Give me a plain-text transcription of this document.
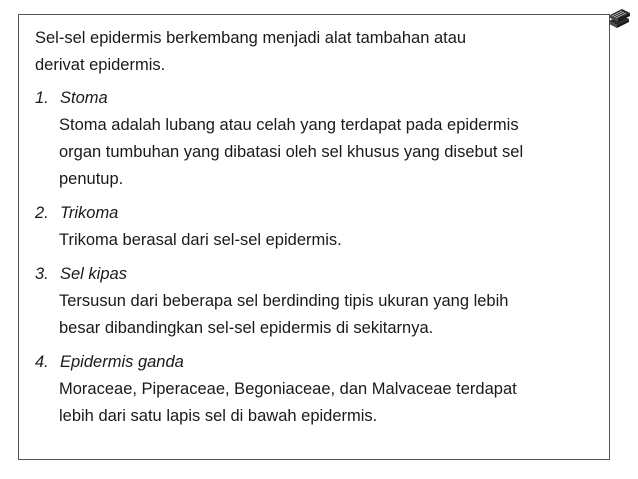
Sel-sel epidermis berkembang menjadi alat tambahan atau
derivat epidermis.
1. Stoma
Stoma adalah lubang atau celah yang terdapat pada epidermis
organ tumbuhan yang dibatasi oleh sel khusus yang disebut sel
penutup.
2. Trikoma
Trikoma berasal dari sel-sel epidermis.
3. Sel kipas
Tersusun dari beberapa sel berdinding tipis ukuran yang lebih
besar dibandingkan sel-sel epidermis di sekitarnya.
4. Epidermis ganda
Moraceae, Piperaceae, Begoniaceae, dan Malvaceae terdapat
lebih dari satu lapis sel di bawah epidermis.
